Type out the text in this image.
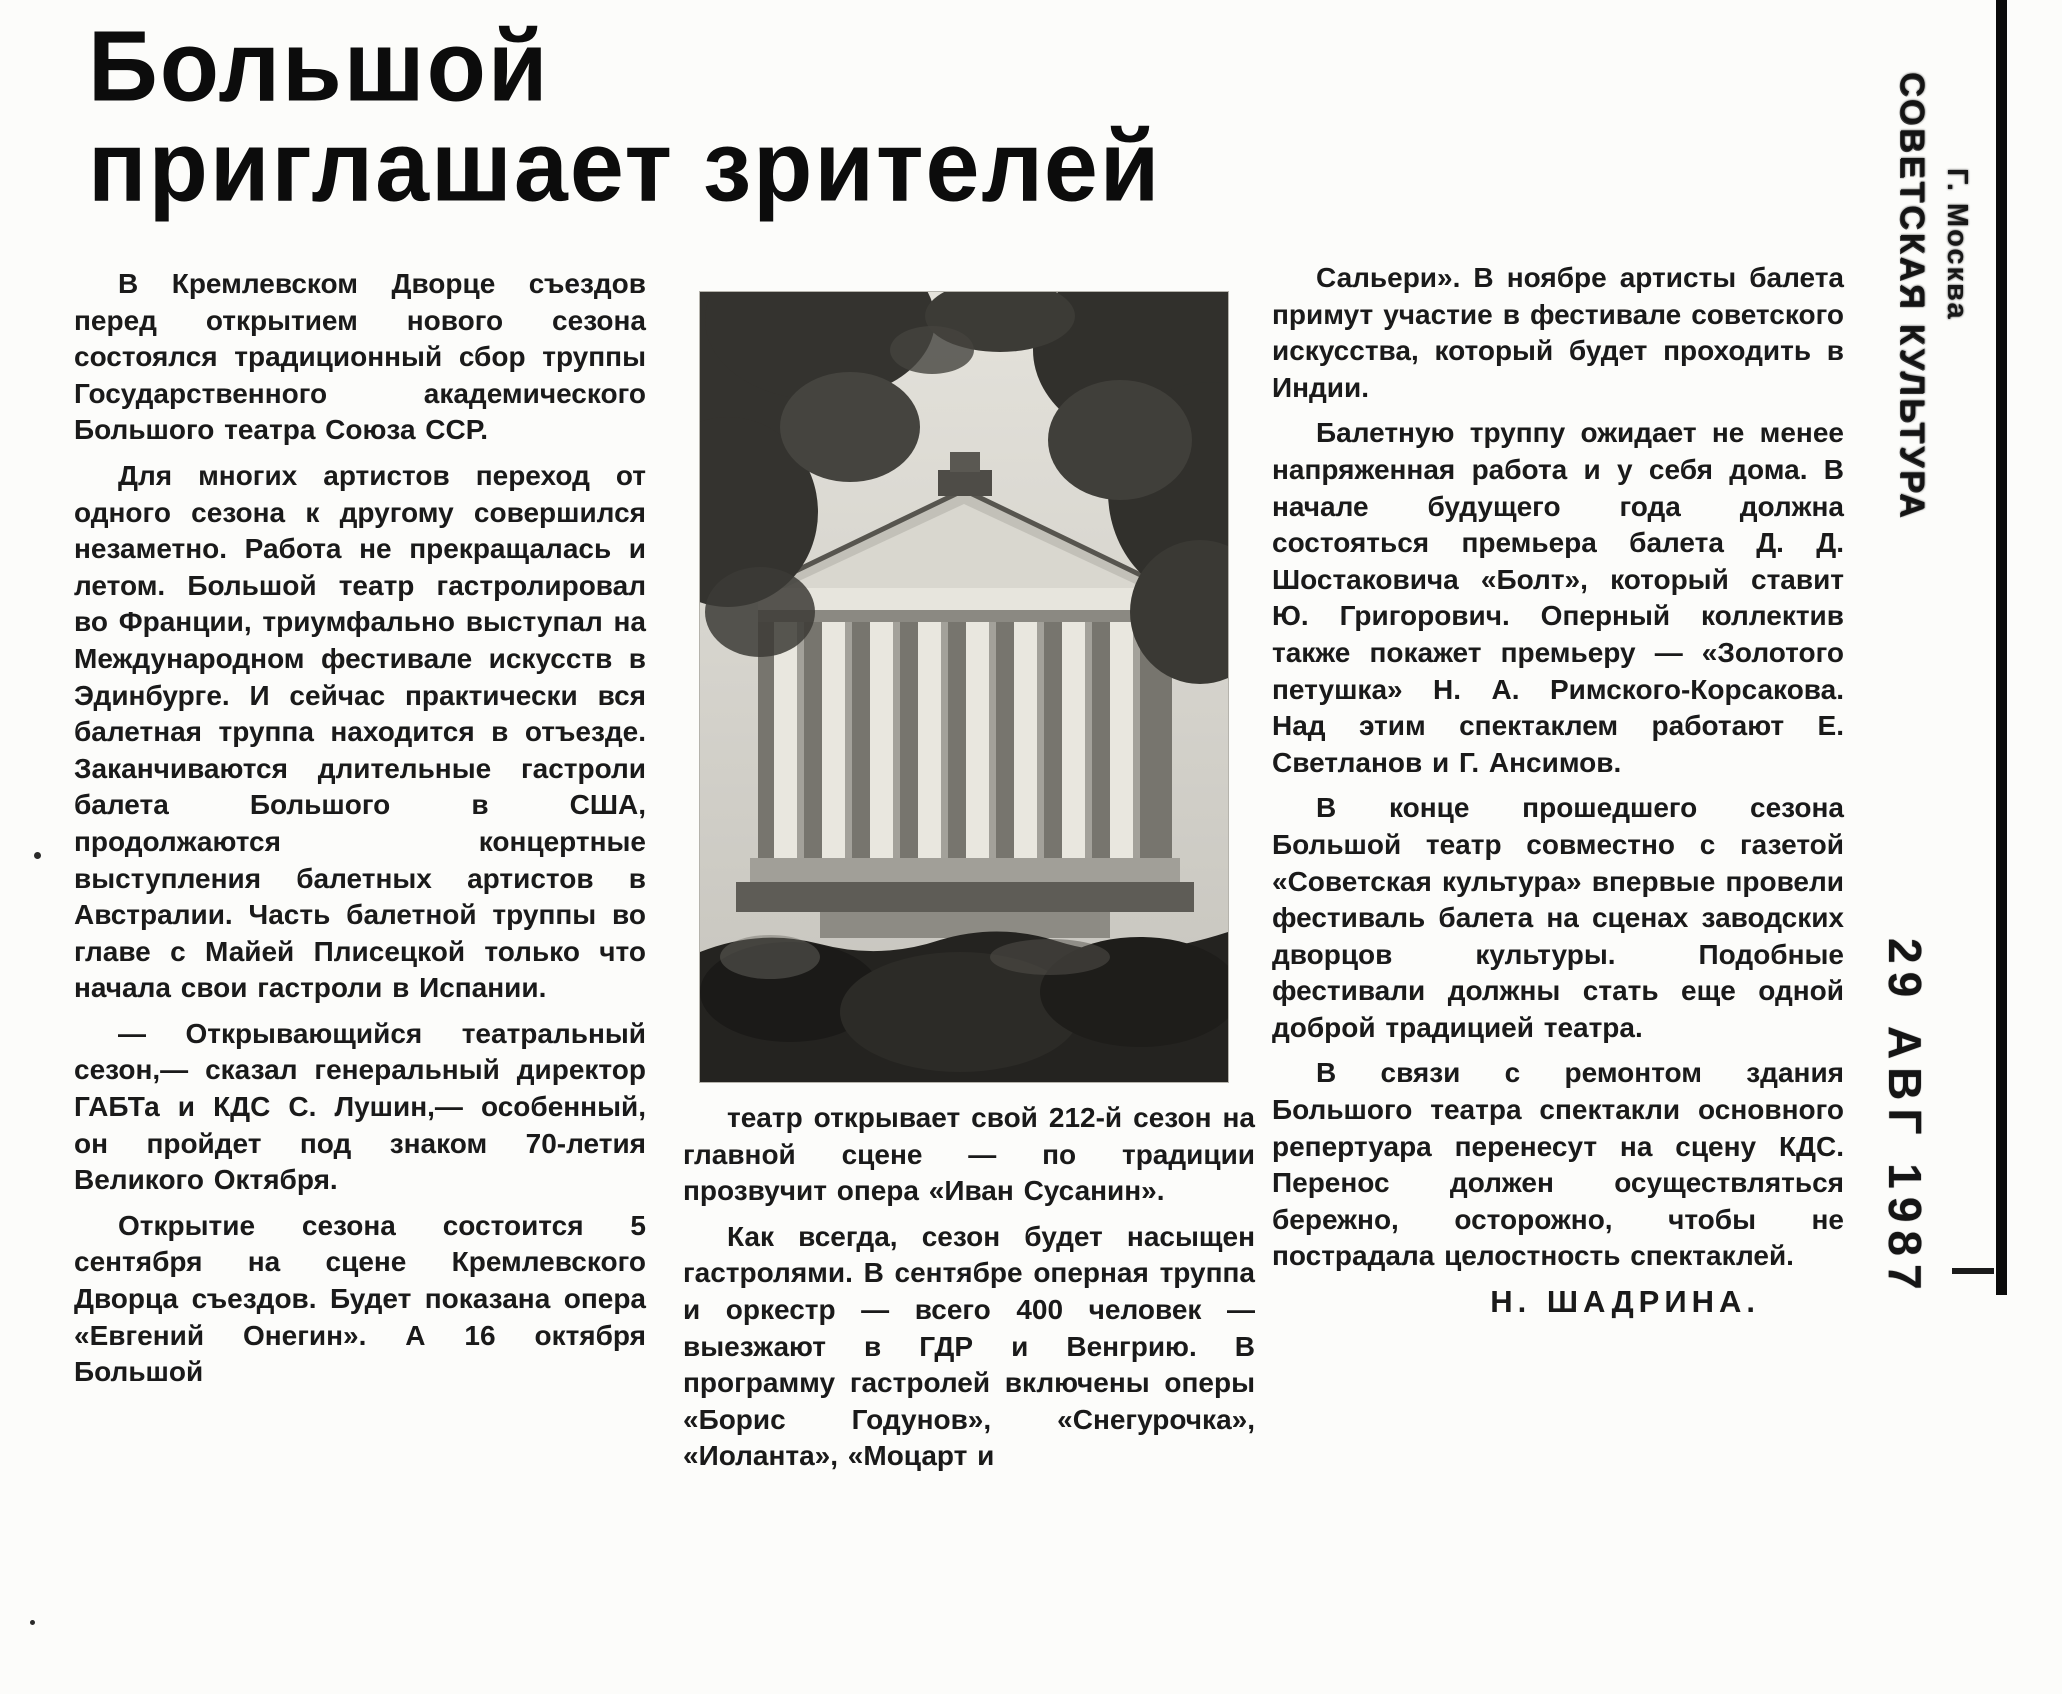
Большой
приглашает зрителей

В Кремлевском Дворце съездов перед открытием нового сезона состоялся традиционный сбор труппы Государственного академического Большого театра Союза ССР.

Для многих артистов переход от одного сезона к другому совершился незаметно. Работа не прекращалась и летом. Большой театр гастролировал во Франции, триумфально выступал на Международном фестивале искусств в Эдинбурге. И сейчас практически вся балетная труппа находится в отъезде. Заканчиваются длительные гастроли балета Большого в США, продолжаются концертные выступления балетных артистов в Австралии. Часть балетной труппы во главе с Майей Плисецкой только что начала свои гастроли в Испании.

— Открывающийся театральный сезон,— сказал генеральный директор ГАБТа и КДС С. Лушин,— особенный, он пройдет под знаком 70-летия Великого Октября.

Открытие сезона состоится 5 сентября на сцене Кремлевского Дворца съездов. Будет показана опера «Евгений Онегин». А 16 октября Большой

театр открывает свой 212-й сезон на главной сцене — по традиции прозвучит опера «Иван Сусанин».

Как всегда, сезон будет насыщен гастролями. В сентябре оперная труппа и оркестр — всего 400 человек — выезжают в ГДР и Венгрию. В программу гастролей включены оперы «Борис Годунов», «Снегурочка», «Иоланта», «Моцарт и

Сальери». В ноябре артисты балета примут участие в фестивале советского искусства, который будет проходить в Индии.

Балетную труппу ожидает не менее напряженная работа и у себя дома. В начале будущего года должна состояться премьера балета Д. Д. Шостаковича «Болт», который ставит Ю. Григорович. Оперный коллектив также покажет премьеру — «Золотого петушка» Н. А. Римского-Корсакова. Над этим спектаклем работают Е. Светланов и Г. Ансимов.

В конце прошедшего сезона Большой театр совместно с газетой «Советская культура» впервые провели фестиваль балета на сценах заводских дворцов культуры. Подобные фестивали должны стать еще одной доброй традицией театра.

В связи с ремонтом здания Большого театра спектакли основного репертуара перенесут на сцену КДС. Перенос должен осуществляться бережно, осторожно, чтобы не пострадала целостность спектаклей.

Н. ШАДРИНА.

СОВЕТСКАЯ КУЛЬТУРА Г. Москва
29 АВГ 1987
